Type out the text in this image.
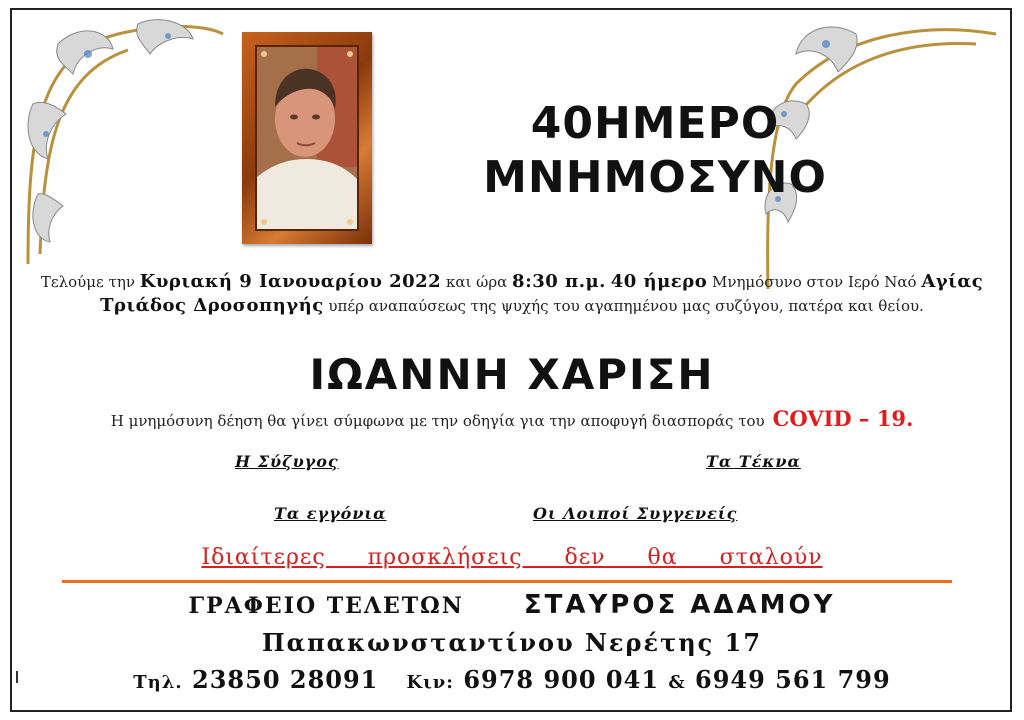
40ΗΜΕΡΟ
ΜΝΗΜΟΣΥΝΟ
Τελούμε την Κυριακή 9 Ιανουαρίου 2022 και ώρα 8:30 π.μ. 40 ήμερο Μνημόσυνο στον Ιερό Ναό Αγίας Τριάδος Δροσοπηγής υπέρ αναπαύσεως της ψυχής του αγαπημένου μας συζύγου, πατέρα και θείου.
ΙΩΑΝΝΗ ΧΑΡΙΣΗ
Η μνημόσυνη δέηση θα γίνει σύμφωνα με την οδηγία για την αποφυγή διασποράς του COVID – 19.
Η Σύζυγος	Τα Τέκνα
Τα εγγόνια	Οι Λοιποί Συγγενείς
Ιδιαίτερες προσκλήσεις δεν θα σταλούν
ΓΡΑΦΕΙΟ ΤΕΛΕΤΩΝ ΣΤΑΥΡΟΣ ΑΔΑΜΟΥ
Παπακωνσταντίνου Νερέτης 17
Τηλ. 23850 28091 Κιν: 6978 900 041 & 6949 561 799
